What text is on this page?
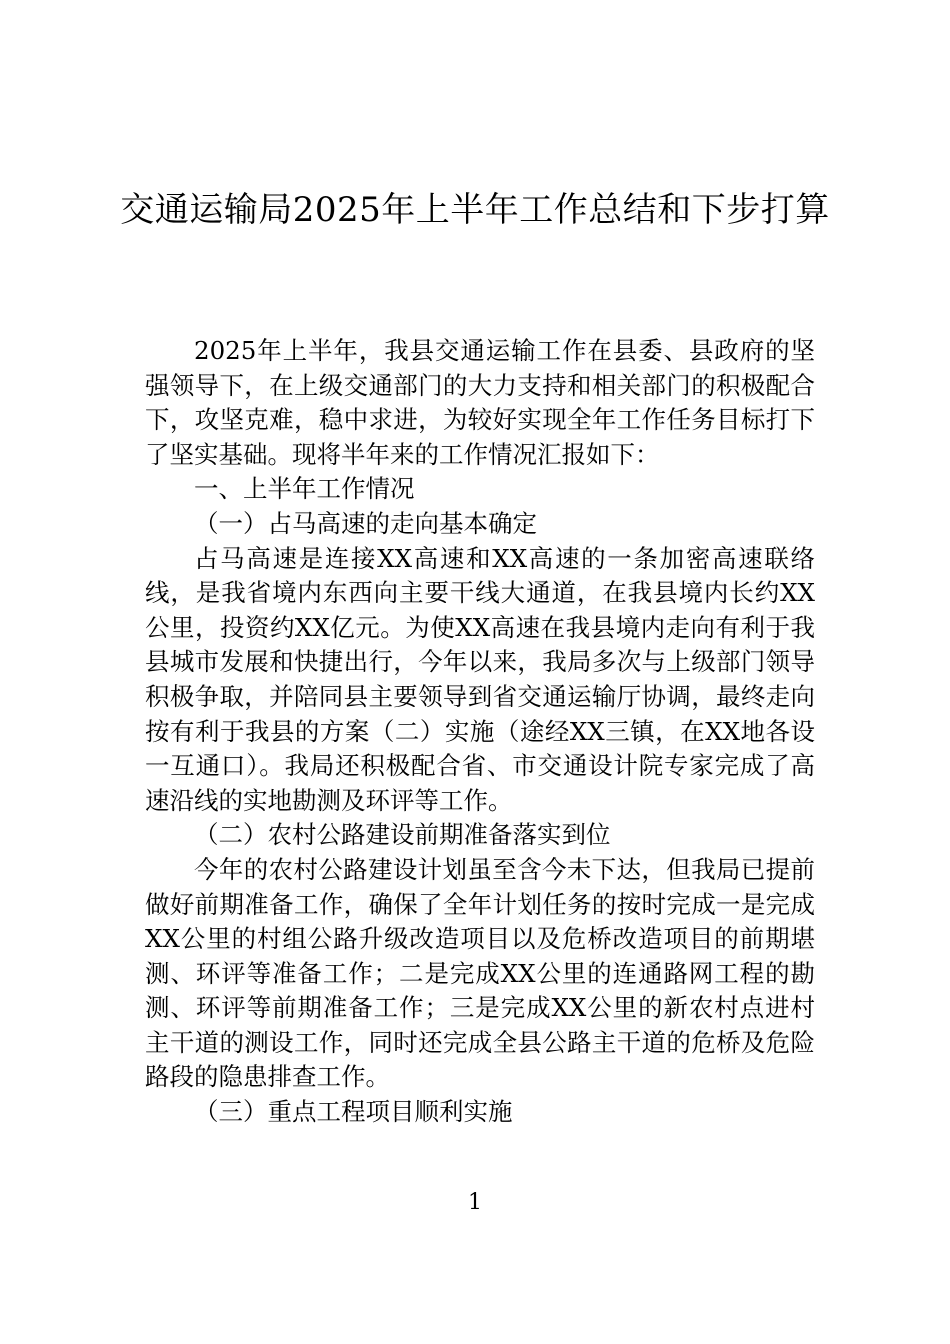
交通运输局2025年上半年工作总结和下步打算

2025年上半年，我县交通运输工作在县委、县政府的坚强领导下，在上级交通部门的大力支持和相关部门的积极配合下，攻坚克难，稳中求进，为较好实现全年工作任务目标打下了坚实基础。现将半年来的工作情况汇报如下：

一、上半年工作情况

（一）占马高速的走向基本确定

占马高速是连接XX高速和XX高速的一条加密高速联络线，是我省境内东西向主要干线大通道，在我县境内长约XX公里，投资约XX亿元。为使XX高速在我县境内走向有利于我县城市发展和快捷出行，今年以来，我局多次与上级部门领导积极争取，并陪同县主要领导到省交通运输厅协调，最终走向按有利于我县的方案（二）实施（途经XX三镇，在XX地各设一互通口）。我局还积极配合省、市交通设计院专家完成了高速沿线的实地勘测及环评等工作。

（二）农村公路建设前期准备落实到位

今年的农村公路建设计划虽至含今未下达，但我局已提前做好前期准备工作，确保了全年计划任务的按时完成一是完成XX公里的村组公路升级改造项目以及危桥改造项目的前期堪测、环评等准备工作；二是完成XX公里的连通路网工程的勘测、环评等前期准备工作；三是完成XX公里的新农村点进村主干道的测设工作，同时还完成全县公路主干道的危桥及危险路段的隐患排查工作。

（三）重点工程项目顺利实施

1
